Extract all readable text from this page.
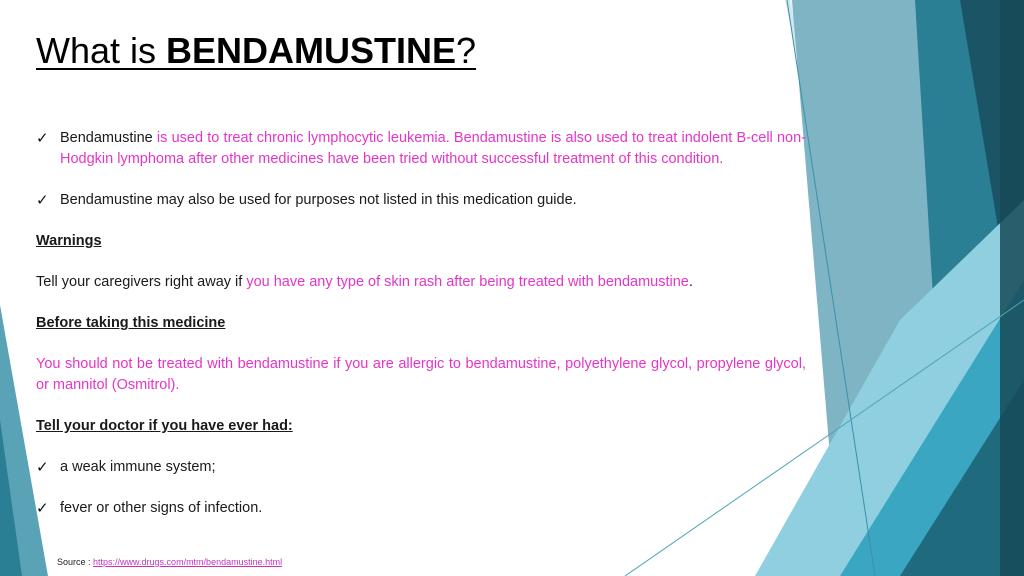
What is BENDAMUSTINE?
✓ Bendamustine is used to treat chronic lymphocytic leukemia. Bendamustine is also used to treat indolent B-cell non-Hodgkin lymphoma after other medicines have been tried without successful treatment of this condition.
✓ Bendamustine may also be used for purposes not listed in this medication guide.
Warnings
Tell your caregivers right away if you have any type of skin rash after being treated with bendamustine.
Before taking this medicine
You should not be treated with bendamustine if you are allergic to bendamustine, polyethylene glycol, propylene glycol, or mannitol (Osmitrol).
Tell your doctor if you have ever had:
✓ a weak immune system;
✓ fever or other signs of infection.
Source : https://www.drugs.com/mtm/bendamustine.html
